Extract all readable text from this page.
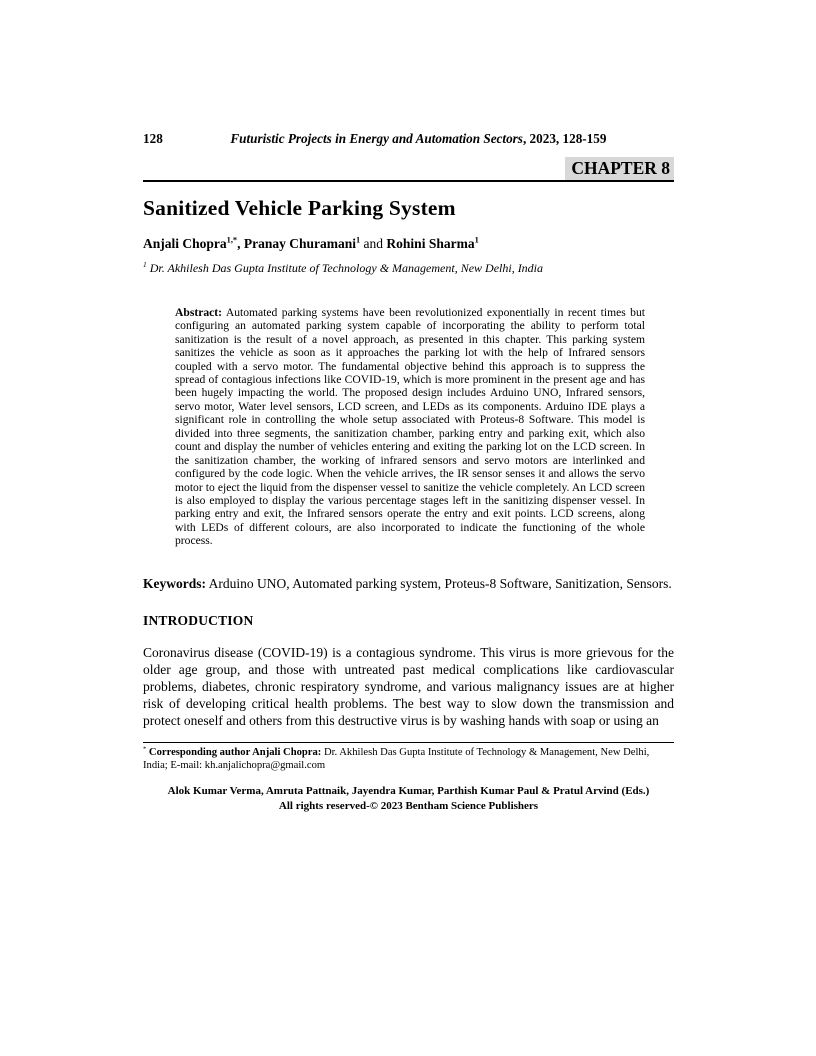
128	Futuristic Projects in Energy and Automation Sectors, 2023, 128-159
CHAPTER 8
Sanitized Vehicle Parking System

Anjali Chopra$^{1,*}$, Pranay Churamani$^1$ and Rohini Sharma$^1$

$^1$ Dr. Akhilesh Das Gupta Institute of Technology & Management, New Delhi, India

Abstract: Automated parking systems have been revolutionized exponentially in recent times but configuring an automated parking system capable of incorporating the ability to perform total sanitization is the result of a novel approach, as presented in this chapter. This parking system sanitizes the vehicle as soon as it approaches the parking lot with the help of Infrared sensors coupled with a servo motor. The fundamental objective behind this approach is to suppress the spread of contagious infections like COVID-19, which is more prominent in the present age and has been hugely impacting the world. The proposed design includes Arduino UNO, Infrared sensors, servo motor, Water level sensors, LCD screen, and LEDs as its components. Arduino IDE plays a significant role in controlling the whole setup associated with Proteus-8 Software. This model is divided into three segments, the sanitization chamber, parking entry and parking exit, which also count and display the number of vehicles entering and exiting the parking lot on the LCD screen. In the sanitization chamber, the working of infrared sensors and servo motors are interlinked and configured by the code logic. When the vehicle arrives, the IR sensor senses it and allows the servo motor to eject the liquid from the dispenser vessel to sanitize the vehicle completely. An LCD screen is also employed to display the various percentage stages left in the sanitizing dispenser vessel. In parking entry and exit, the Infrared sensors operate the entry and exit points. LCD screens, along with LEDs of different colours, are also incorporated to indicate the functioning of the whole process.

Keywords: Arduino UNO, Automated parking system, Proteus-8 Software, Sanitization, Sensors.

INTRODUCTION

Coronavirus disease (COVID-19) is a contagious syndrome. This virus is more grievous for the older age group, and those with untreated past medical complications like cardiovascular problems, diabetes, chronic respiratory syndrome, and various malignancy issues are at higher risk of developing critical health problems. The best way to slow down the transmission and protect oneself and others from this destructive virus is by washing hands with soap or using an

* Corresponding author Anjali Chopra: Dr. Akhilesh Das Gupta Institute of Technology & Management, New Delhi, India; E-mail: kh.anjalichopra@gmail.com
Alok Kumar Verma, Amruta Pattnaik, Jayendra Kumar, Parthish Kumar Paul & Pratul Arvind (Eds.)
All rights reserved-© 2023 Bentham Science Publishers
